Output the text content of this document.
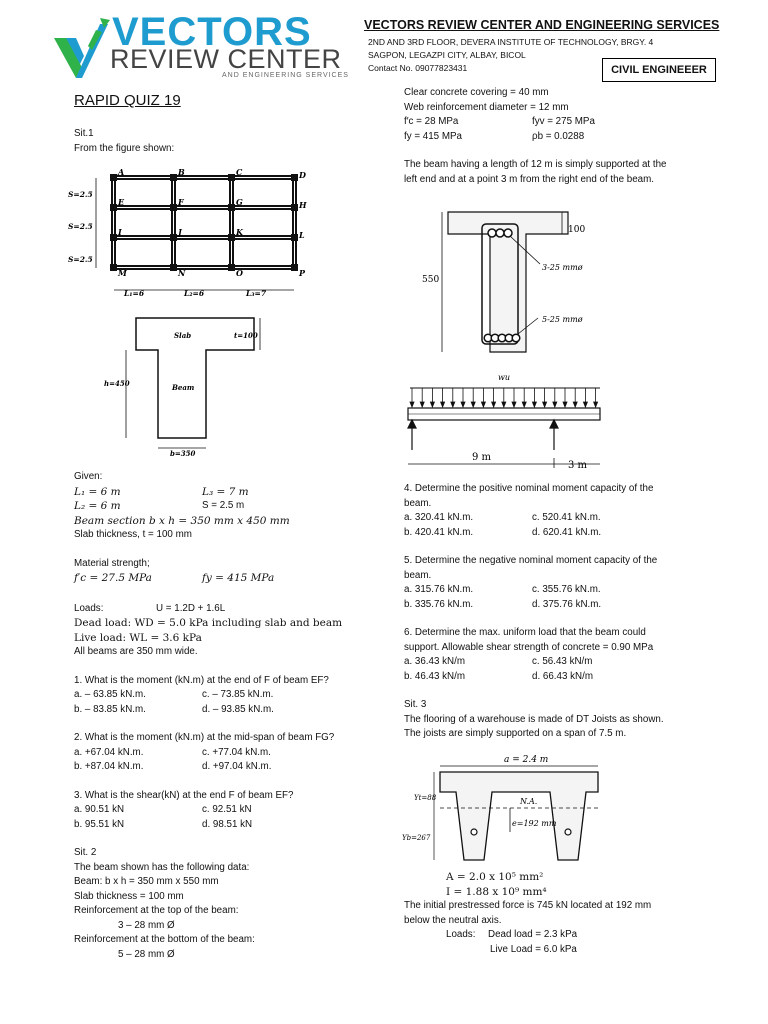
VECTORS
REVIEW CENTER
AND ENGINEERING SERVICES
VECTORS REVIEW CENTER AND ENGINEERING SERVICES
2ND AND 3RD FLOOR, DEVERA INSTITUTE OF TECHNOLOGY, BRGY. 4
SAGPON, LEGAZPI CITY, ALBAY, BICOL
Contact No. 09077823431	CIVIL ENGINEEER
RAPID QUIZ 19

Sit.1

From the figure shown:

A	B	C	D
E	F	G	H
I	J	K	L
M	N	O	P
S=2.5
S=2.5
S=2.5
L₁=6	L₂=6	L₃=7
Slab
Beam
t=100
h=450
b=350

Given:

L₁ = 6 m	L₃ = 7 m

L₂ = 6 m	S = 2.5 m

Beam section b x h = 350 mm x 450 mm

Slab thickness, t = 100 mm

Material strength;

f′c = 27.5 MPa	fy = 415 MPa

Loads:	U = 1.2D + 1.6L

Dead load: WD = 5.0 kPa including slab and beam

Live load: WL = 3.6 kPa

All beams are 350 mm wide.

1. What is the moment (kN.m) at the end of F of beam EF?

a. – 63.85 kN.m.	c. – 73.85 kN.m.

b. – 83.85 kN.m.	d. – 93.85 kN.m.

2. What is the moment (kN.m) at the mid-span of beam FG?

a. +67.04 kN.m.	c. +77.04 kN.m.

b. +87.04 kN.m.	d. +97.04 kN.m.

3. What is the shear(kN) at the end F of beam EF?

a. 90.51 kN	c. 92.51 kN

b. 95.51 kN	d. 98.51 kN

Sit. 2

The beam shown has the following data:

Beam: b x h = 350 mm x 550 mm

Slab thickness = 100 mm

Reinforcement at the top of the beam:

3 – 28 mm Ø

Reinforcement at the bottom of the beam:

5 – 28 mm Ø

Clear concrete covering = 40 mm

Web reinforcement diameter = 12 mm

f′c = 28 MPa	fyv = 275 MPa

fy = 415 MPa	ρb = 0.0288

The beam having a length of 12 m is simply supported at the

left end and at a point 3 m from the right end of the beam.

550
100
3-25 mmø
5-25 mmø
wu
9 m
3 m

4. Determine the positive nominal moment capacity of the

beam.

a. 320.41 kN.m.	c. 520.41 kN.m.

b. 420.41 kN.m.	d. 620.41 kN.m.

5. Determine the negative nominal moment capacity of the

beam.

a. 315.76 kN.m.	c. 355.76 kN.m.

b. 335.76 kN.m.	d. 375.76 kN.m.

6. Determine the max. uniform load that the beam could

support. Allowable shear strength of concrete = 0.90 MPa

a. 36.43 kN/m	c. 56.43 kN/m

b. 46.43 kN/m	d. 66.43 kN/m

Sit. 3

The flooring of a warehouse is made of DT Joists as shown.

The joists are simply supported on a span of 7.5 m.

a = 2.4 m
N.A.
e=192 mm
Yt=88
Yb=267

A = 2.0 x 10⁵ mm²

I = 1.88 x 10⁹ mm⁴

The initial prestressed force is 745 kN located at 192 mm

below the neutral axis.

Loads:	Dead load = 2.3 kPa

Live Load = 6.0 kPa
